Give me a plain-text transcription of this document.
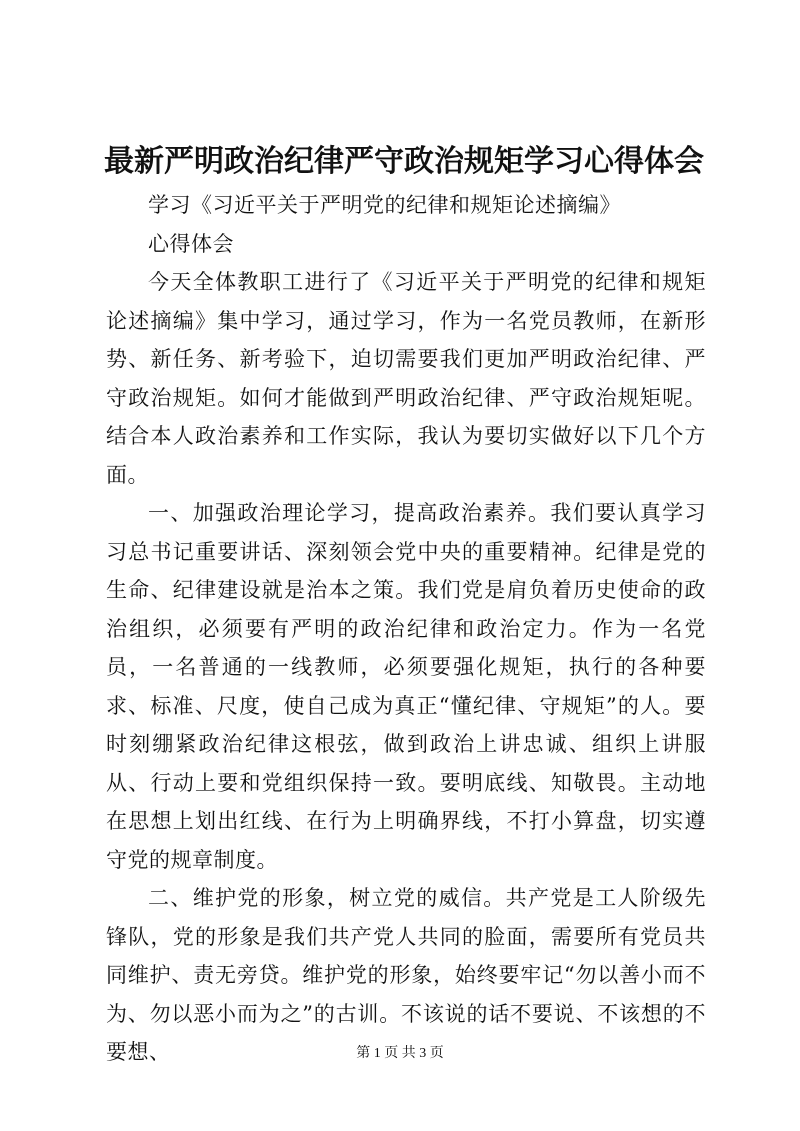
最新严明政治纪律严守政治规矩学习心得体会

学习《习近平关于严明党的纪律和规矩论述摘编》

心得体会

今天全体教职工进行了《习近平关于严明党的纪律和规矩论述摘编》集中学习，通过学习，作为一名党员教师，在新形势、新任务、新考验下，迫切需要我们更加严明政治纪律、严守政治规矩。如何才能做到严明政治纪律、严守政治规矩呢。结合本人政治素养和工作实际，我认为要切实做好以下几个方面。

一、加强政治理论学习，提高政治素养。我们要认真学习习总书记重要讲话、深刻领会党中央的重要精神。纪律是党的生命、纪律建设就是治本之策。我们党是肩负着历史使命的政治组织，必须要有严明的政治纪律和政治定力。作为一名党员，一名普通的一线教师，必须要强化规矩，执行的各种要求、标准、尺度，使自己成为真正“懂纪律、守规矩”的人。要时刻绷紧政治纪律这根弦，做到政治上讲忠诚、组织上讲服从、行动上要和党组织保持一致。要明底线、知敬畏。主动地在思想上划出红线、在行为上明确界线，不打小算盘，切实遵守党的规章制度。

二、维护党的形象，树立党的威信。共产党是工人阶级先锋队，党的形象是我们共产党人共同的脸面，需要所有党员共同维护、责无旁贷。维护党的形象，始终要牢记“勿以善小而不为、勿以恶小而为之”的古训。不该说的话不要说、不该想的不要想、	第 1 页 共 3 页
